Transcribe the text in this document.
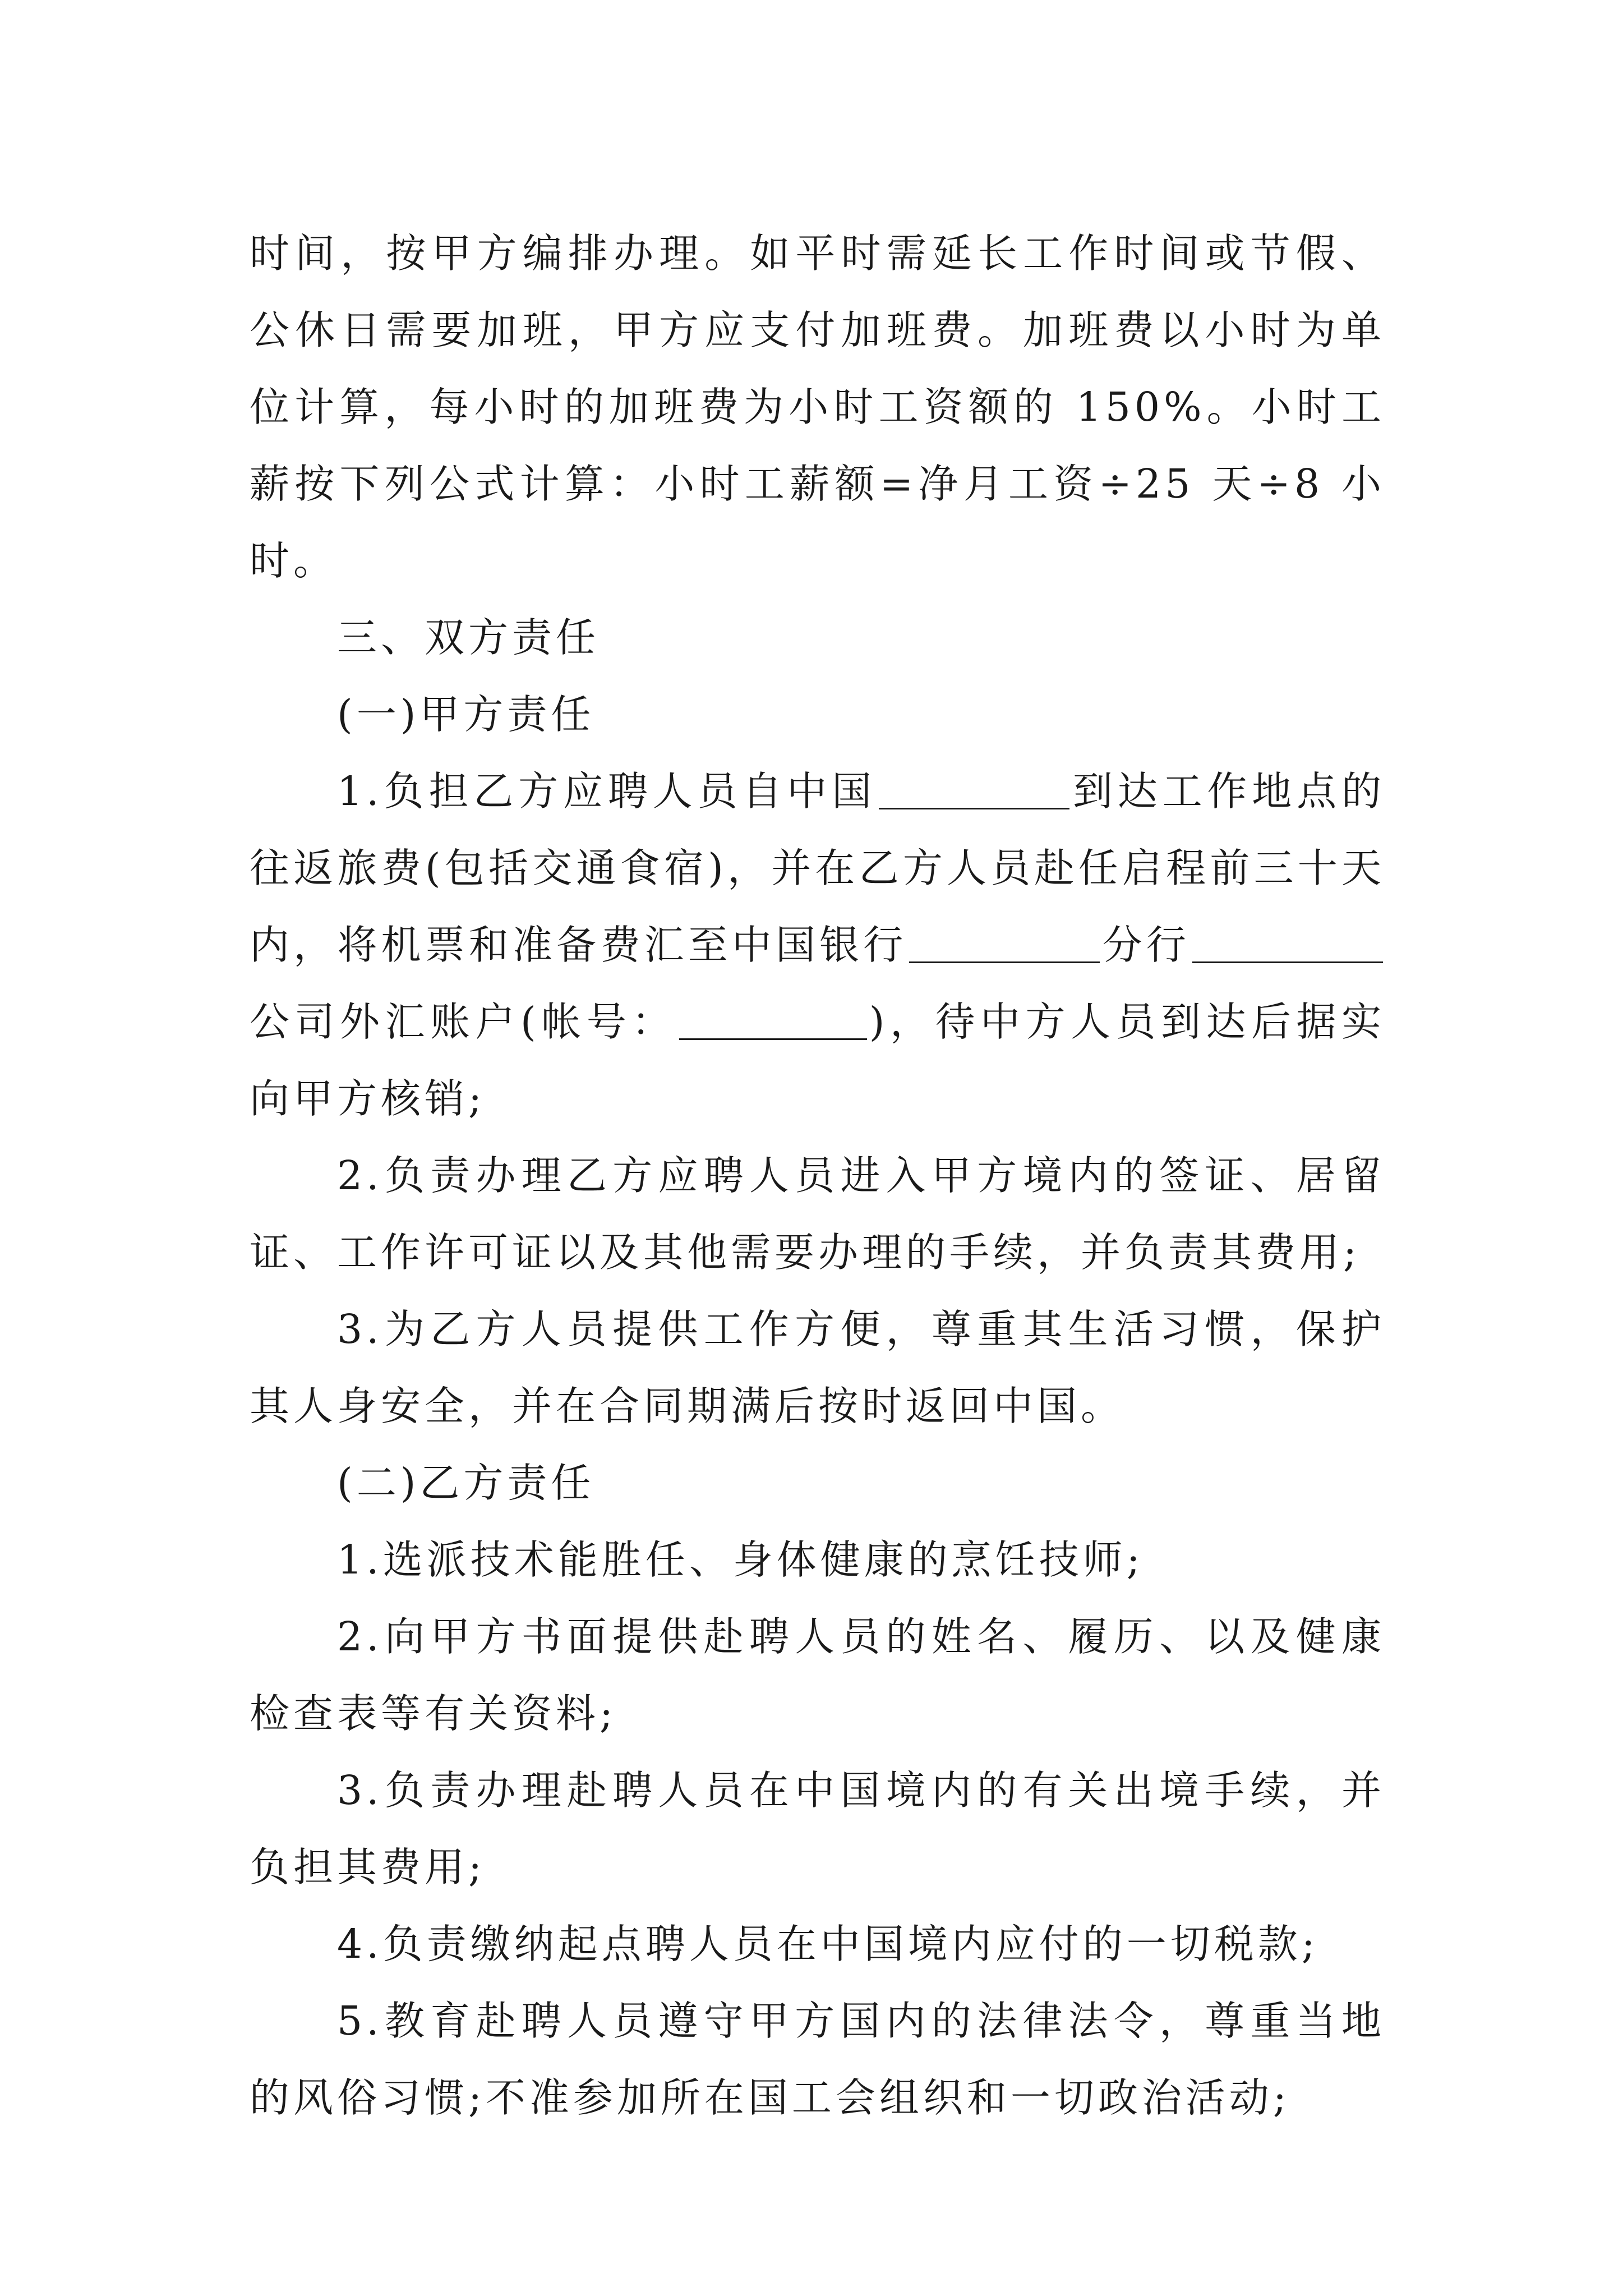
时间，按甲方编排办理。如平时需延长工作时间或节假、公休日需要加班，甲方应支付加班费。加班费以小时为单位计算，每小时的加班费为小时工资额的 150%。小时工薪按下列公式计算：小时工薪额=净月工资÷25 天÷8 小时。

三、双方责任

(一)甲方责任

1.负担乙方应聘人员自中国	到达工作地点的往返旅费(包括交通食宿)，并在乙方人员赴任启程前三十天内，将机票和准备费汇至中国银行	分行公司外汇账户(帐号：	)，待中方人员到达后据实向甲方核销;

2.负责办理乙方应聘人员进入甲方境内的签证、居留证、工作许可证以及其他需要办理的手续，并负责其费用;

3.为乙方人员提供工作方便，尊重其生活习惯，保护其人身安全，并在合同期满后按时返回中国。

(二)乙方责任

1.选派技术能胜任、身体健康的烹饪技师;

2.向甲方书面提供赴聘人员的姓名、履历、以及健康检查表等有关资料;

3.负责办理赴聘人员在中国境内的有关出境手续，并负担其费用;

4.负责缴纳起点聘人员在中国境内应付的一切税款;

5.教育赴聘人员遵守甲方国内的法律法令，尊重当地的风俗习惯;不准参加所在国工会组织和一切政治活动;
